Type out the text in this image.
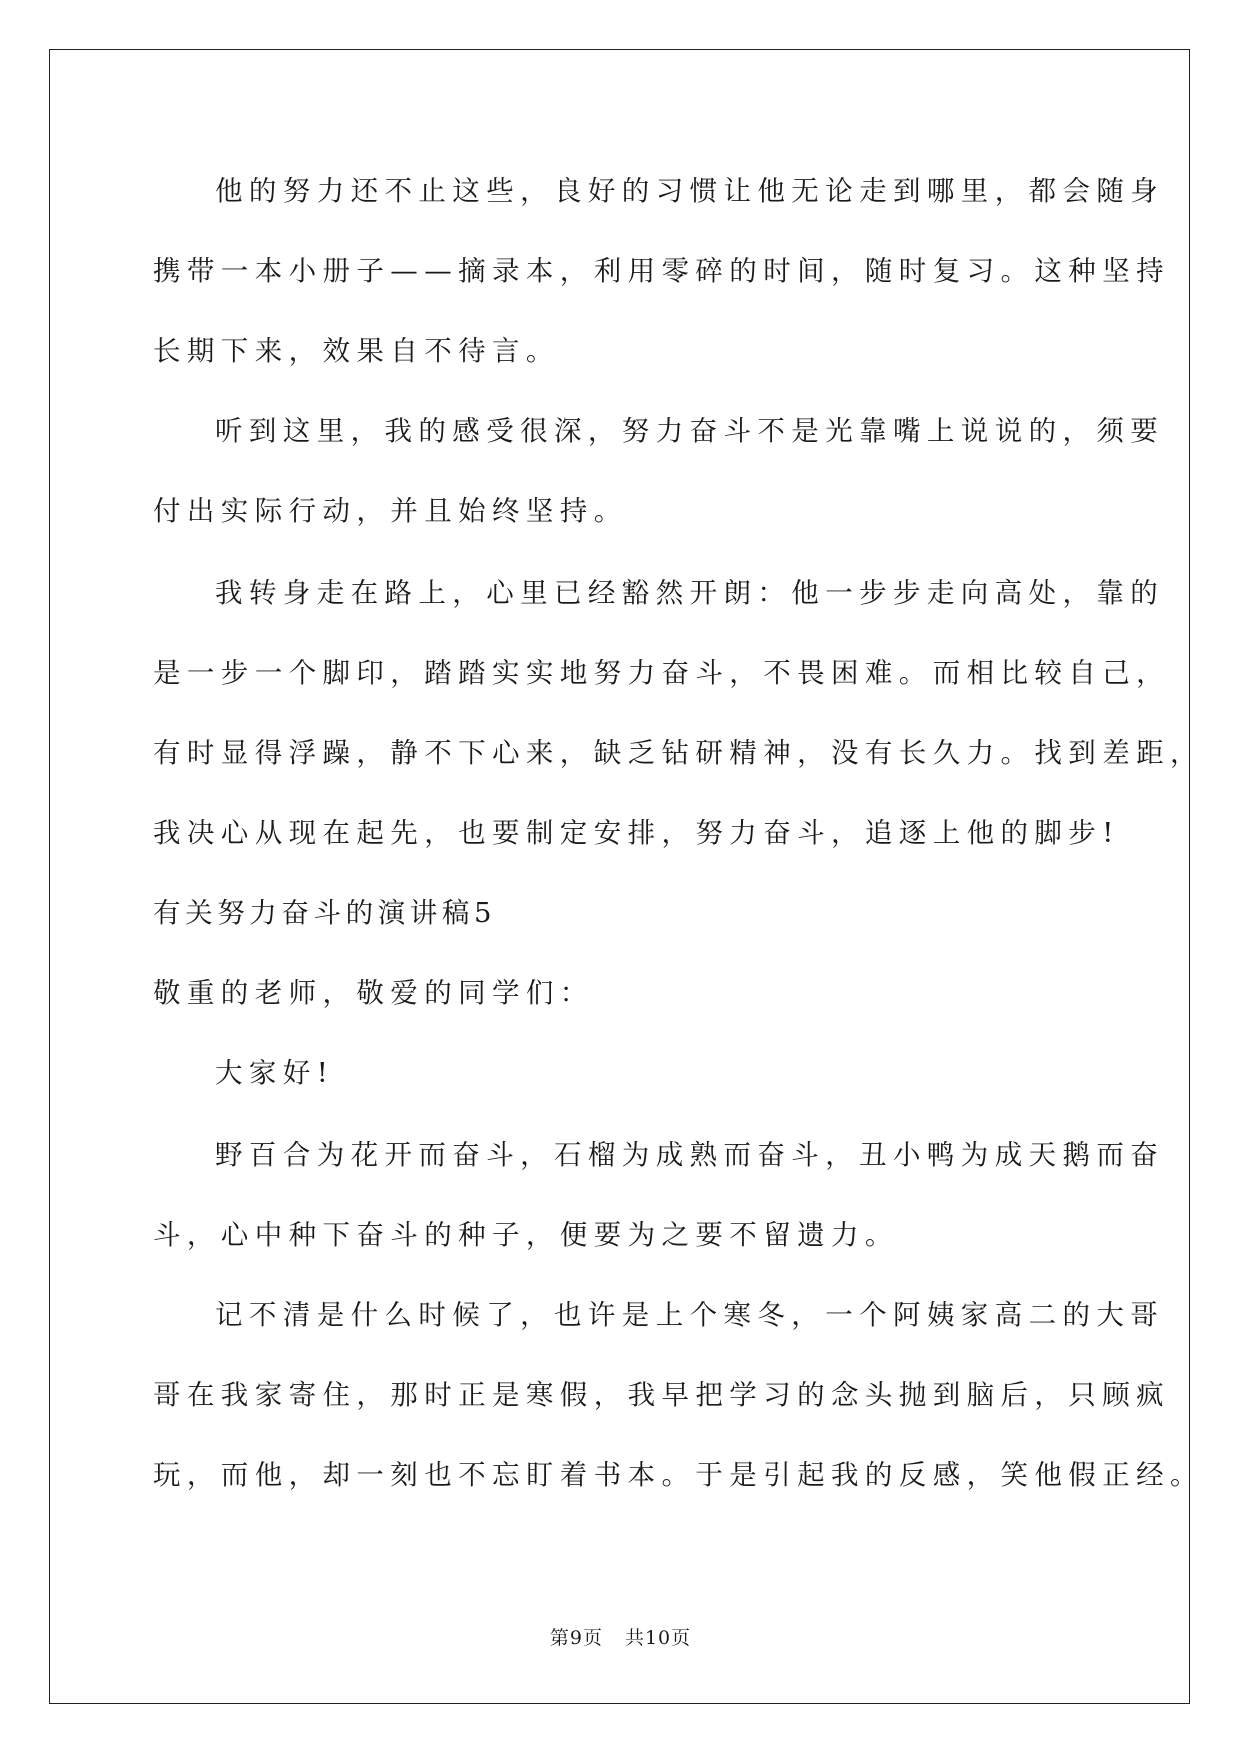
他的努力还不止这些，良好的习惯让他无论走到哪里，都会随身
携带一本小册子——摘录本，利用零碎的时间，随时复习。这种坚持
长期下来，效果自不待言。
听到这里，我的感受很深，努力奋斗不是光靠嘴上说说的，须要
付出实际行动，并且始终坚持。
我转身走在路上，心里已经豁然开朗：他一步步走向高处，靠的
是一步一个脚印，踏踏实实地努力奋斗，不畏困难。而相比较自己，
有时显得浮躁，静不下心来，缺乏钻研精神，没有长久力。找到差距，
我决心从现在起先，也要制定安排，努力奋斗，追逐上他的脚步!
有关努力奋斗的演讲稿5
敬重的老师，敬爱的同学们：
大家好!
野百合为花开而奋斗，石榴为成熟而奋斗，丑小鸭为成天鹅而奋
斗，心中种下奋斗的种子，便要为之要不留遗力。
记不清是什么时候了，也许是上个寒冬，一个阿姨家高二的大哥
哥在我家寄住，那时正是寒假，我早把学习的念头抛到脑后，只顾疯
玩，而他，却一刻也不忘盯着书本。于是引起我的反感，笑他假正经。
第9页 共10页
